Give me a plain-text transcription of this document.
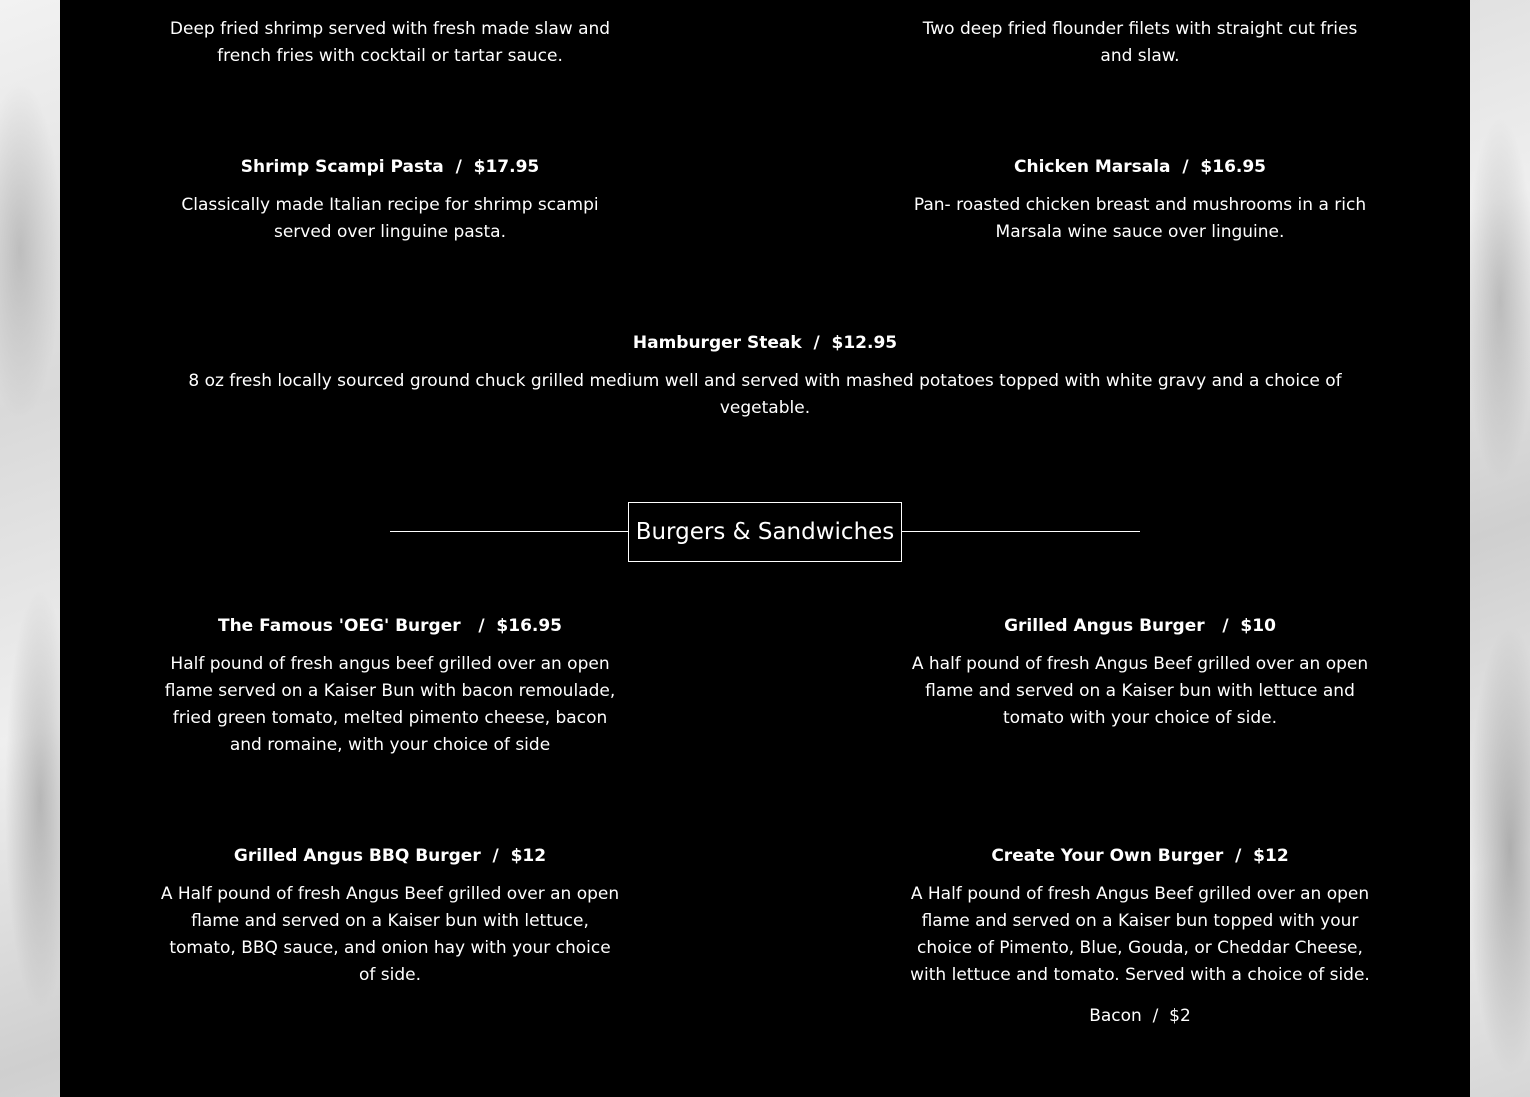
Deep fried shrimp served with fresh made slaw and french fries with cocktail or tartar sauce.
Two deep fried flounder filets with straight cut fries and slaw.
Shrimp Scampi Pasta  /  $17.95
Classically made Italian recipe for shrimp scampi served over linguine pasta.
Chicken Marsala  /  $16.95
Pan- roasted chicken breast and mushrooms in a rich Marsala wine sauce over linguine.
Hamburger Steak  /  $12.95
8 oz fresh locally sourced ground chuck grilled medium well and served with mashed potatoes topped with white gravy and a choice of vegetable.
Burgers & Sandwiches
The Famous 'OEG' Burger   /  $16.95
Half pound of fresh angus beef grilled over an open flame served on a Kaiser Bun with bacon remoulade, fried green tomato, melted pimento cheese, bacon and romaine, with your choice of side
Grilled Angus Burger   /  $10
A half pound of fresh Angus Beef grilled over an open flame and served on a Kaiser bun with lettuce and tomato with your choice of side.
Grilled Angus BBQ Burger  /  $12
A Half pound of fresh Angus Beef grilled over an open flame and served on a Kaiser bun with lettuce, tomato, BBQ sauce, and onion hay with your choice of side.
Create Your Own Burger  /  $12
A Half pound of fresh Angus Beef grilled over an open flame and served on a Kaiser bun topped with your choice of Pimento, Blue, Gouda, or Cheddar Cheese, with lettuce and tomato. Served with a choice of side.
Bacon  /  $2
